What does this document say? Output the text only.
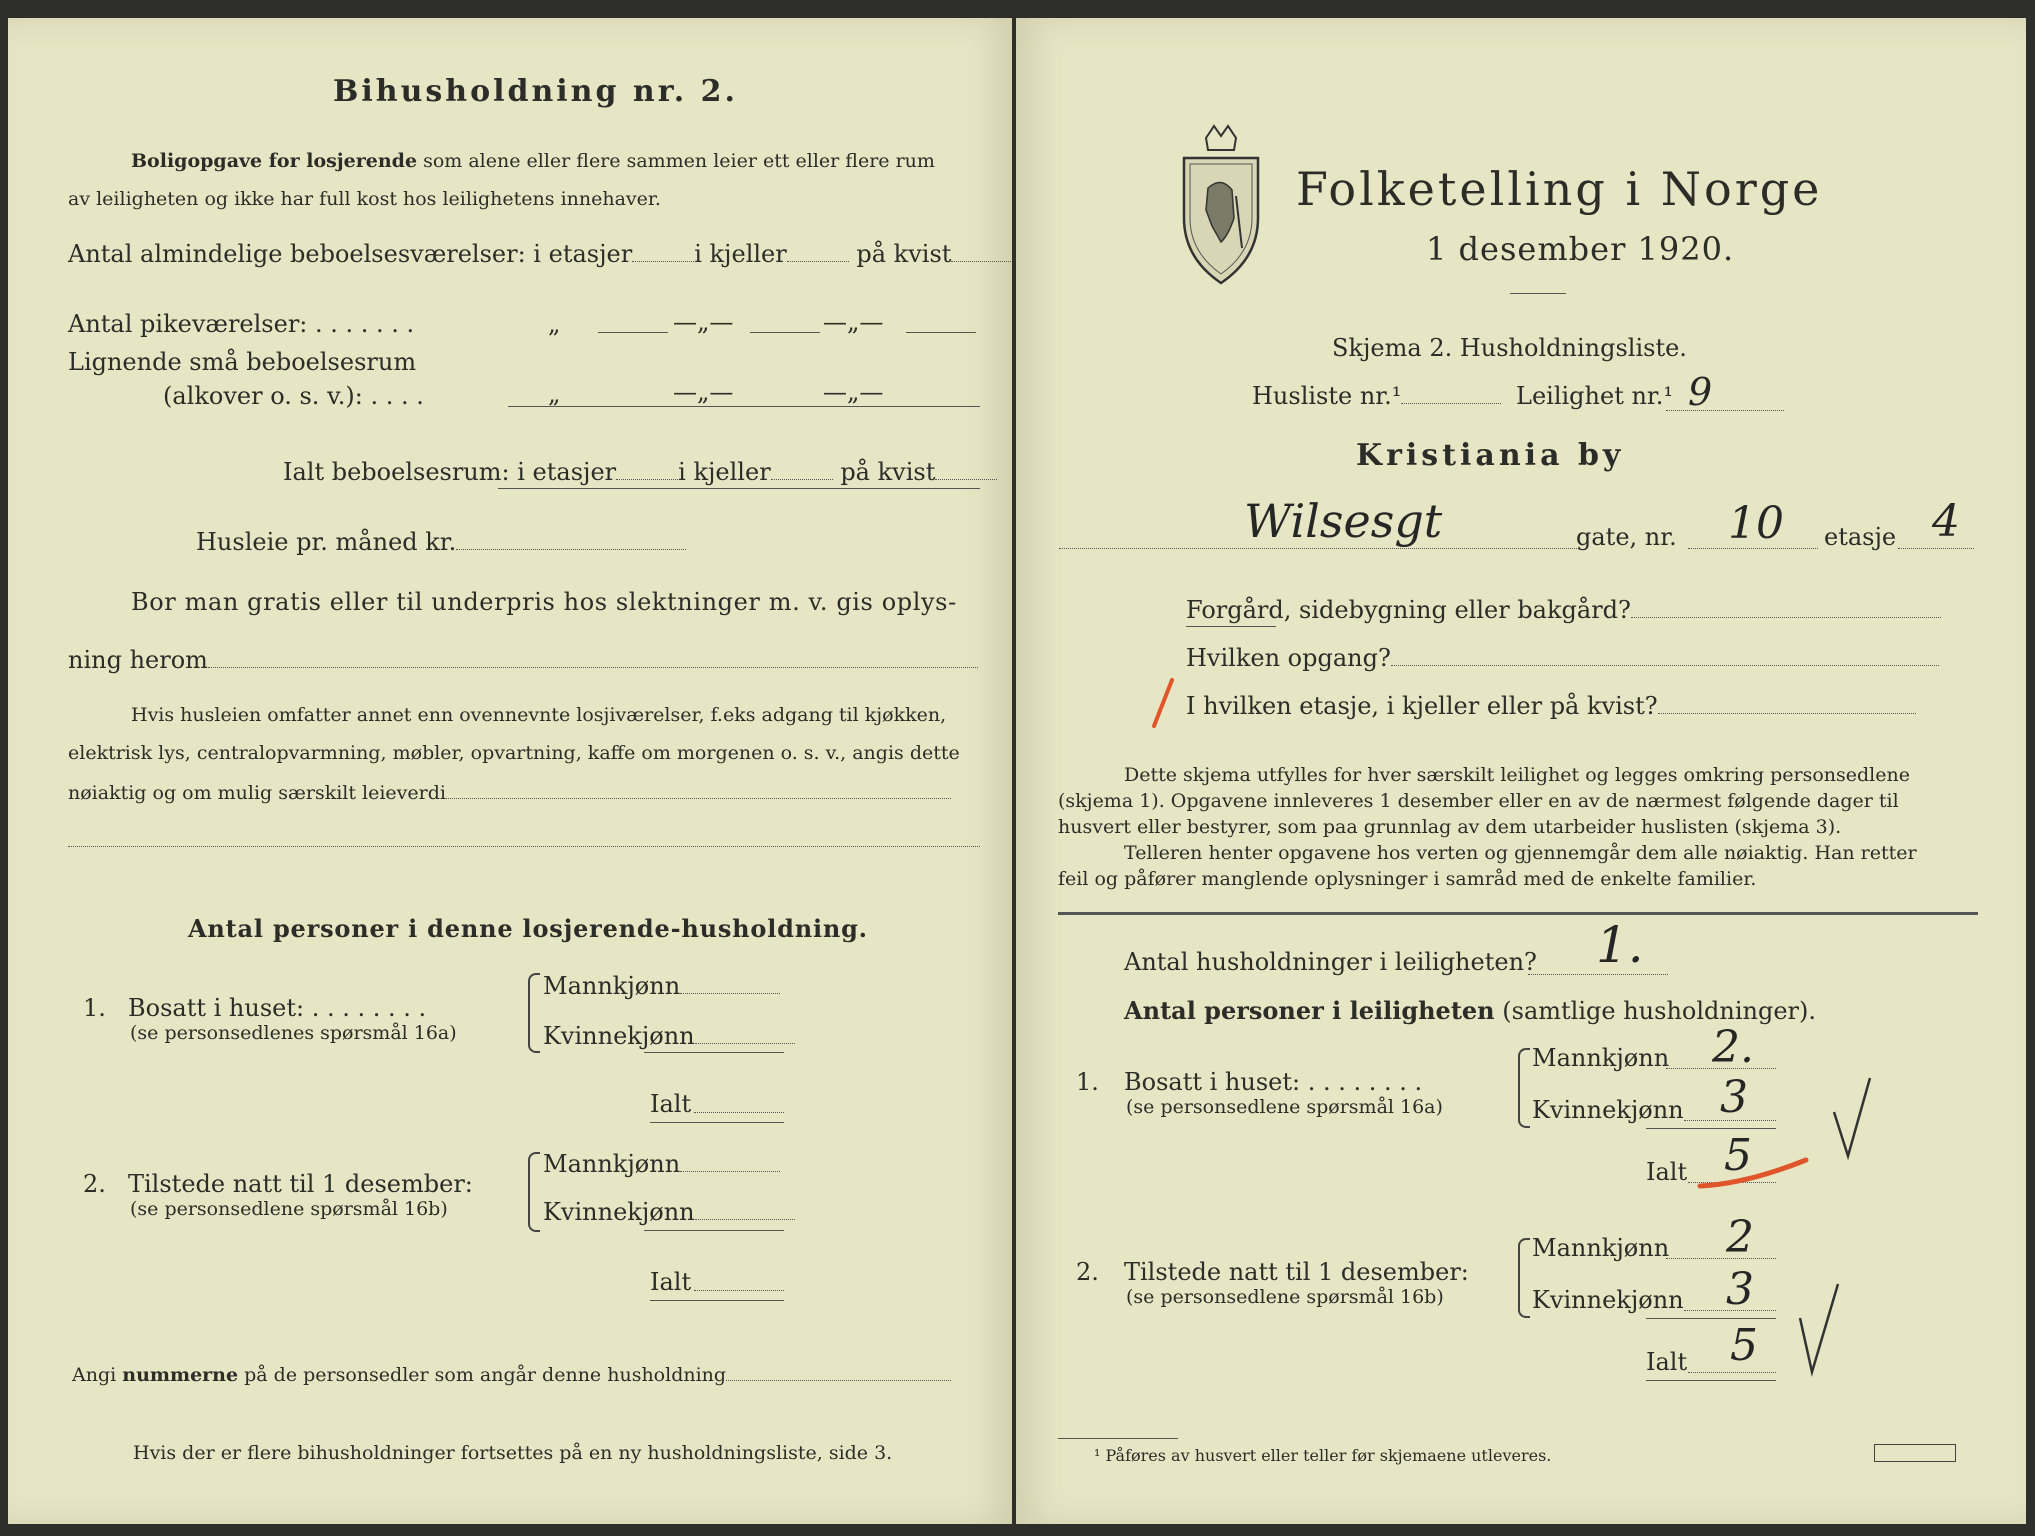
Bihusholdning nr. 2.
Boligopgave for losjerende som alene eller flere sammen leier ett eller flere rum
av leiligheten og ikke har full kost hos leilighetens innehaver.
Antal almindelige beboelsesværelser: i etasjer	i kjeller	på kvist
Antal pikeværelser: . . . . . . .	„	—„—	—„—
Lignende små beboelsesrum
(alkover o. s. v.): . . . .	„	—„—	—„—
Ialt beboelsesrum: i etasjer	i kjeller	på kvist
Husleie pr. måned kr.
Bor man gratis eller til underpris hos slektninger m. v. gis oplys-
ning herom
Hvis husleien omfatter annet enn ovennevnte losjiværelser, f.eks adgang til kjøkken,
elektrisk lys, centralopvarmning, møbler, opvartning, kaffe om morgenen o. s. v., angis dette
nøiaktig og om mulig særskilt leieverdi
Antal personer i denne losjerende-husholdning.
1. Bosatt i huset: . . . . . . . .
(se personsedlenes spørsmål 16a)
Mannkjønn
Kvinnekjønn
Ialt
2. Tilstede natt til 1 desember:
(se personsedlene spørsmål 16b)
Mannkjønn
Kvinnekjønn
Ialt
Angi nummerne på de personsedler som angår denne husholdning
Hvis der er flere bihusholdninger fortsettes på en ny husholdningsliste, side 3.
Folketelling i Norge
1 desember 1920.
Skjema 2. Husholdningsliste.
Husliste nr.¹	Leilighet nr.¹ 9
Kristiania by
Wilsesgt	gate, nr. 10 etasje 4
Forgård, sidebygning eller bakgård?
Hvilken opgang?
I hvilken etasje, i kjeller eller på kvist?
Dette skjema utfylles for hver særskilt leilighet og legges omkring personsedlene
(skjema 1). Opgavene innleveres 1 desember eller en av de nærmest følgende dager til
husvert eller bestyrer, som paa grunnlag av dem utarbeider huslisten (skjema 3).
Telleren henter opgavene hos verten og gjennemgår dem alle nøiaktig. Han retter
feil og påfører manglende oplysninger i samråd med de enkelte familier.
Antal husholdninger i leiligheten? 1.
Antal personer i leiligheten (samtlige husholdninger).
1. Bosatt i huset: . . . . . . . .
(se personsedlene spørsmål 16a)
Mannkjønn 2.
Kvinnekjønn 3
Ialt 5
2. Tilstede natt til 1 desember:
(se personsedlene spørsmål 16b)
Mannkjønn 2
Kvinnekjønn 3
Ialt 5
¹ Påføres av husvert eller teller før skjemaene utleveres.
